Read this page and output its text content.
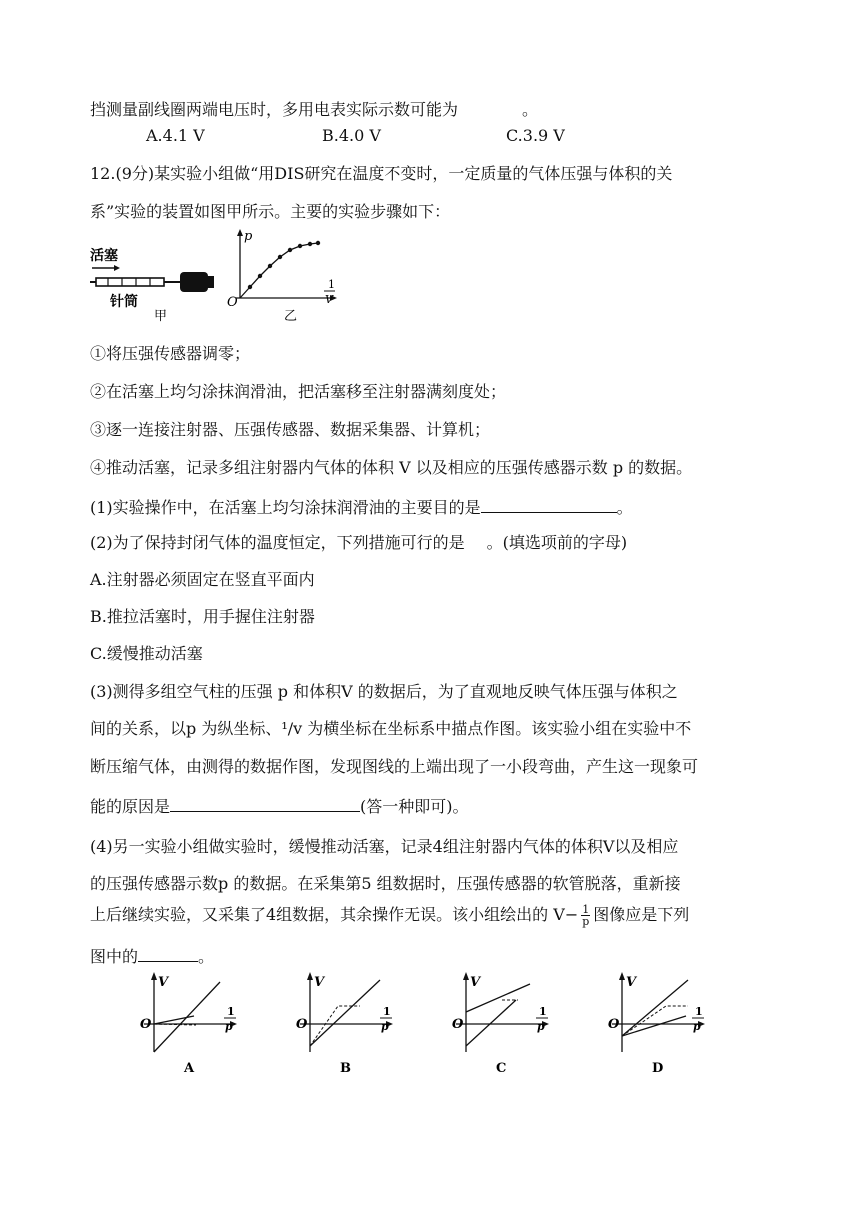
挡测量副线圈两端电压时，多用电表实际示数可能为	。
A.4.1 V	B.4.0 V	C.3.9 V
12.(9分)某实验小组做“用DIS研究在温度不变时，一定质量的气体压强与体积的关
系”实验的装置如图甲所示。主要的实验步骤如下：
活塞
针筒
甲
p
O
1
V
乙
①将压强传感器调零；
②在活塞上均匀涂抹润滑油，把活塞移至注射器满刻度处；
③逐一连接注射器、压强传感器、数据采集器、计算机；
④推动活塞，记录多组注射器内气体的体积 V 以及相应的压强传感器示数 p 的数据。
(1)实验操作中，在活塞上均匀涂抹润滑油的主要目的是	。
(2)为了保持封闭气体的温度恒定，下列措施可行的是 。(填选项前的字母)
A.注射器必须固定在竖直平面内
B.推拉活塞时，用手握住注射器
C.缓慢推动活塞
(3)测得多组空气柱的压强 p 和体积V 的数据后，为了直观地反映气体压强与体积之
间的关系，以p 为纵坐标、¹/v 为横坐标在坐标系中描点作图。该实验小组在实验中不
断压缩气体，由测得的数据作图，发现图线的上端出现了一小段弯曲，产生这一现象可
能的原因是	(答一种即可)。
(4)另一实验小组做实验时，缓慢推动活塞，记录4组注射器内气体的体积V以及相应
的压强传感器示数p 的数据。在采集第5 组数据时，压强传感器的软管脱落，重新接
上后继续实验，又采集了4组数据，其余操作无误。该小组绘出的 $V- \frac{1}{p}$ 图像应是下列
图中的	。
V
O
1
p
A
V
O
1
p
B
V
O
1
p
C
V
O
1
p
D
